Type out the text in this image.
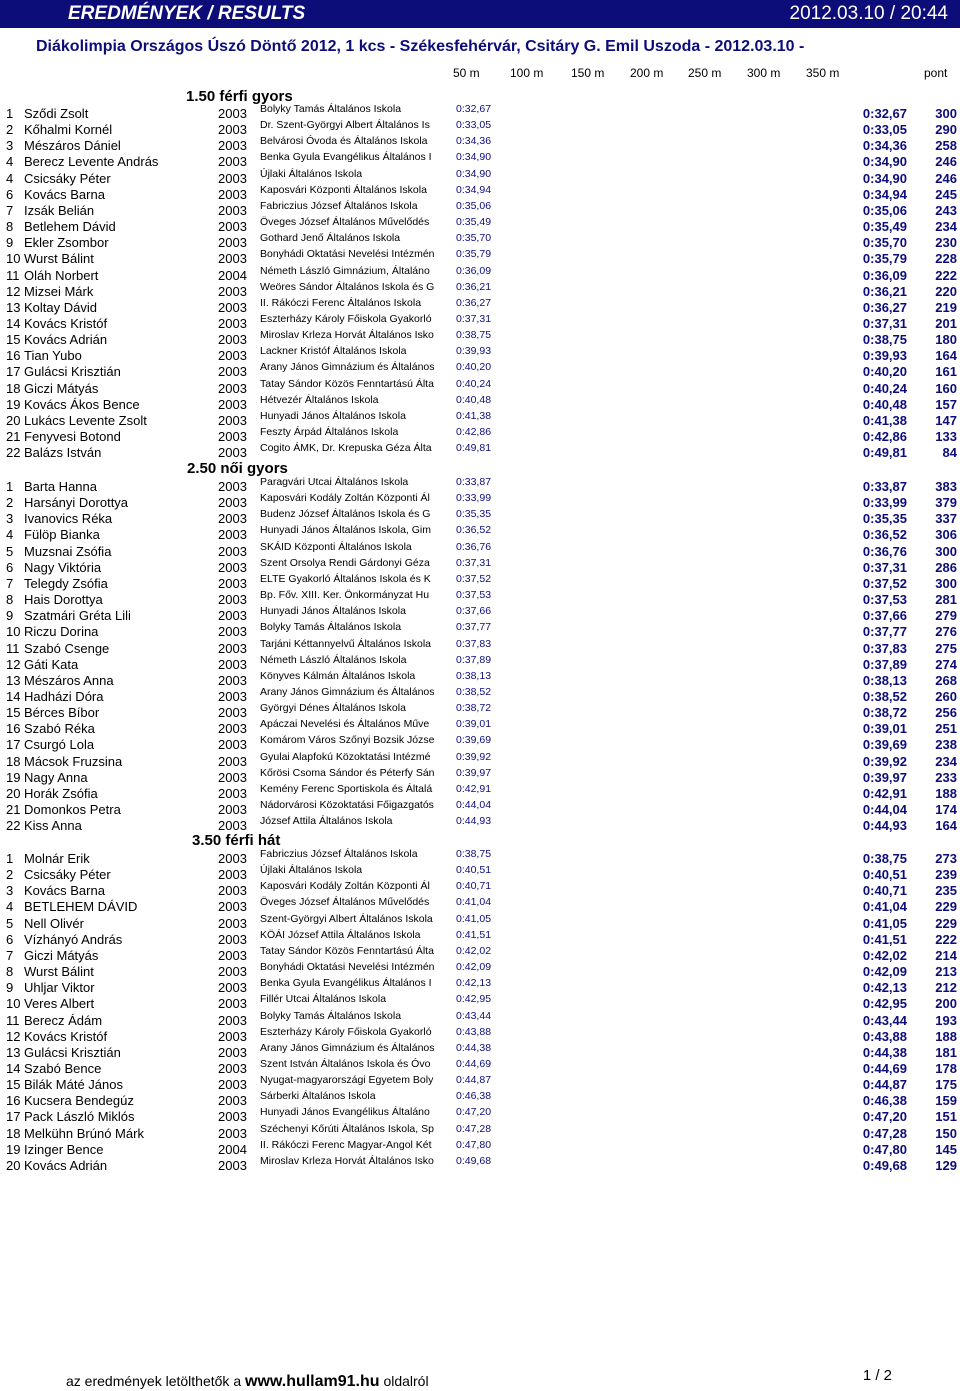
EREDMÉNYEK / RESULTS	2012.03.10 / 20:44
Diákolimpia Országos Úszó Döntő 2012, 1 kcs - Székesfehérvár, Csitáry G. Emil Uszoda - 2012.03.10 -
50 m	100 m 150 m 200 m 250 m 300 m 350 m	pont
1.50 férfi gyors
1 Sződi Zsolt	2003 Bolyky Tamás Általános Iskola	0:32,67	0:32,67 300
2 Kőhalmi Kornél	2003 Dr. Szent-Györgyi Albert Általános Is	0:33,05	0:33,05 290
3 Mészáros Dániel	2003 Belvárosi Óvoda és Általános Iskola	0:34,36	0:34,36 258
4 Berecz Levente András	2003 Benka Gyula Evangélikus Általános I	0:34,90	0:34,90 246
4 Csicsáky Péter	2003 Újlaki Általános Iskola	0:34,90	0:34,90 246
6 Kovács Barna	2003 Kaposvári Központi Általános Iskola	0:34,94	0:34,94 245
7 Izsák Belián	2003 Fabriczius József Általános Iskola	0:35,06	0:35,06 243
8 Betlehem Dávid	2003 Öveges József Általános Művelődés	0:35,49	0:35,49 234
9 Ekler Zsombor	2003 Gothard Jenő Általános Iskola	0:35,70	0:35,70 230
10 Wurst Bálint	2003 Bonyhádi Oktatási Nevelési Intézmén	0:35,79	0:35,79 228
11 Oláh Norbert	2004 Németh László Gimnázium, Általáno	0:36,09	0:36,09 222
12 Mizsei Márk	2003 Weöres Sándor Általános Iskola és G	0:36,21	0:36,21 220
13 Koltay Dávid	2003 II. Rákóczi Ferenc Általános Iskola	0:36,27	0:36,27 219
14 Kovács Kristóf	2003 Eszterházy Károly Főiskola Gyakorló	0:37,31	0:37,31 201
15 Kovács Adrián	2003 Miroslav Krleza Horvát Általános Isko	0:38,75	0:38,75 180
16 Tian Yubo	2003 Lackner Kristóf Általános Iskola	0:39,93	0:39,93 164
17 Gulácsi Krisztián	2003 Arany János Gimnázium és Általános	0:40,20	0:40,20 161
18 Giczi Mátyás	2003 Tatay Sándor Közös Fenntartású Álta	0:40,24	0:40,24 160
19 Kovács Ákos Bence	2003 Hétvezér Általános Iskola	0:40,48	0:40,48 157
20 Lukács Levente Zsolt	2003 Hunyadi János Általános Iskola	0:41,38	0:41,38 147
21 Fenyvesi Botond	2003 Feszty Árpád Általános Iskola	0:42,86	0:42,86 133
22 Balázs István	2003 Cogito ÁMK, Dr. Krepuska Géza Álta	0:49,81	0:49,81	84
2.50 női gyors
1 Barta Hanna	2003 Paragvári Utcai Általános Iskola	0:33,87	0:33,87 383
2 Harsányi Dorottya	2003 Kaposvári Kodály Zoltán Központi Ál	0:33,99	0:33,99 379
3 Ivanovics Réka	2003 Budenz József Általános Iskola és G	0:35,35	0:35,35 337
4 Fülöp Bianka	2003 Hunyadi János Általános Iskola, Gim	0:36,52	0:36,52 306
5 Muzsnai Zsófia	2003 SKÁID Központi Általános Iskola	0:36,76	0:36,76 300
6 Nagy Viktória	2003 Szent Orsolya Rendi Gárdonyi Géza	0:37,31	0:37,31 286
7 Telegdy Zsófia	2003 ELTE Gyakorló Általános Iskola és K	0:37,52	0:37,52 300
8 Hais Dorottya	2003 Bp. Főv. XIII. Ker. Önkormányzat Hu	0:37,53	0:37,53 281
9 Szatmári Gréta Lili	2003 Hunyadi János Általános Iskola	0:37,66	0:37,66 279
10 Riczu Dorina	2003 Bolyky Tamás Általános Iskola	0:37,77	0:37,77 276
11 Szabó Csenge	2003 Tarjáni Kéttannyelvű Általános Iskola	0:37,83	0:37,83 275
12 Gáti Kata	2003 Németh László Általános Iskola	0:37,89	0:37,89 274
13 Mészáros Anna	2003 Könyves Kálmán Általános Iskola	0:38,13	0:38,13 268
14 Hadházi Dóra	2003 Arany János Gimnázium és Általános	0:38,52	0:38,52 260
15 Bérces Bíbor	2003 Györgyi Dénes Általános Iskola	0:38,72	0:38,72 256
16 Szabó Réka	2003 Apáczai Nevelési és Általános Műve	0:39,01	0:39,01 251
17 Csurgó Lola	2003 Komárom Város Szőnyi Bozsik Józse	0:39,69	0:39,69 238
18 Mácsok Fruzsina	2003 Gyulai Alapfokú Közoktatási Intézmé	0:39,92	0:39,92 234
19 Nagy Anna	2003 Kőrösi Csoma Sándor és Péterfy Sán	0:39,97	0:39,97 233
20 Horák Zsófia	2003 Kemény Ferenc Sportiskola és Általá	0:42,91	0:42,91 188
21 Domonkos Petra	2003 Nádorvárosi Közoktatási Főigazgatós	0:44,04	0:44,04 174
22 Kiss Anna	2003 József Attila Általános Iskola	0:44,93	0:44,93 164
3.50 férfi hát
1 Molnár Erik	2003 Fabriczius József Általános Iskola	0:38,75	0:38,75 273
2 Csicsáky Péter	2003 Újlaki Általános Iskola	0:40,51	0:40,51 239
3 Kovács Barna	2003 Kaposvári Kodály Zoltán Központi Ál	0:40,71	0:40,71 235
4 BETLEHEM DÁVID	2003 Öveges József Általános Művelődés	0:41,04	0:41,04 229
5 Nell Olivér	2003 Szent-Györgyi Albert Általános Iskola	0:41,05	0:41,05 229
6 Vízhányó András	2003 KÖÁI József Attila Általános Iskola	0:41,51	0:41,51 222
7 Giczi Mátyás	2003 Tatay Sándor Közös Fenntartású Álta	0:42,02	0:42,02 214
8 Wurst Bálint	2003 Bonyhádi Oktatási Nevelési Intézmén	0:42,09	0:42,09 213
9 Uhljar Viktor	2003 Benka Gyula Evangélikus Általános I	0:42,13	0:42,13 212
10 Veres Albert	2003 Fillér Utcai Általános Iskola	0:42,95	0:42,95 200
11 Berecz Ádám	2003 Bolyky Tamás Általános Iskola	0:43,44	0:43,44 193
12 Kovács Kristóf	2003 Eszterházy Károly Főiskola Gyakorló	0:43,88	0:43,88 188
13 Gulácsi Krisztián	2003 Arany János Gimnázium és Általános	0:44,38	0:44,38 181
14 Szabó Bence	2003 Szent István Általános Iskola és Óvo	0:44,69	0:44,69 178
15 Bilák Máté János	2003 Nyugat-magyarországi Egyetem Boly	0:44,87	0:44,87 175
16 Kucsera Bendegúz	2003 Sárberki Általános Iskola	0:46,38	0:46,38 159
17 Pack László Miklós	2003 Hunyadi János Evangélikus Általáno	0:47,20	0:47,20 151
18 Melkühn Brúnó Márk	2003 Széchenyi Kőrúti Általános Iskola, Sp	0:47,28	0:47,28 150
19 Izinger Bence	2004 II. Rákóczi Ferenc Magyar-Angol Két	0:47,80	0:47,80 145
20 Kovács Adrián	2003 Miroslav Krleza Horvát Általános Isko	0:49,68	0:49,68 129
az eredmények letölthetők a www.hullam91.hu oldalról	1 / 2
